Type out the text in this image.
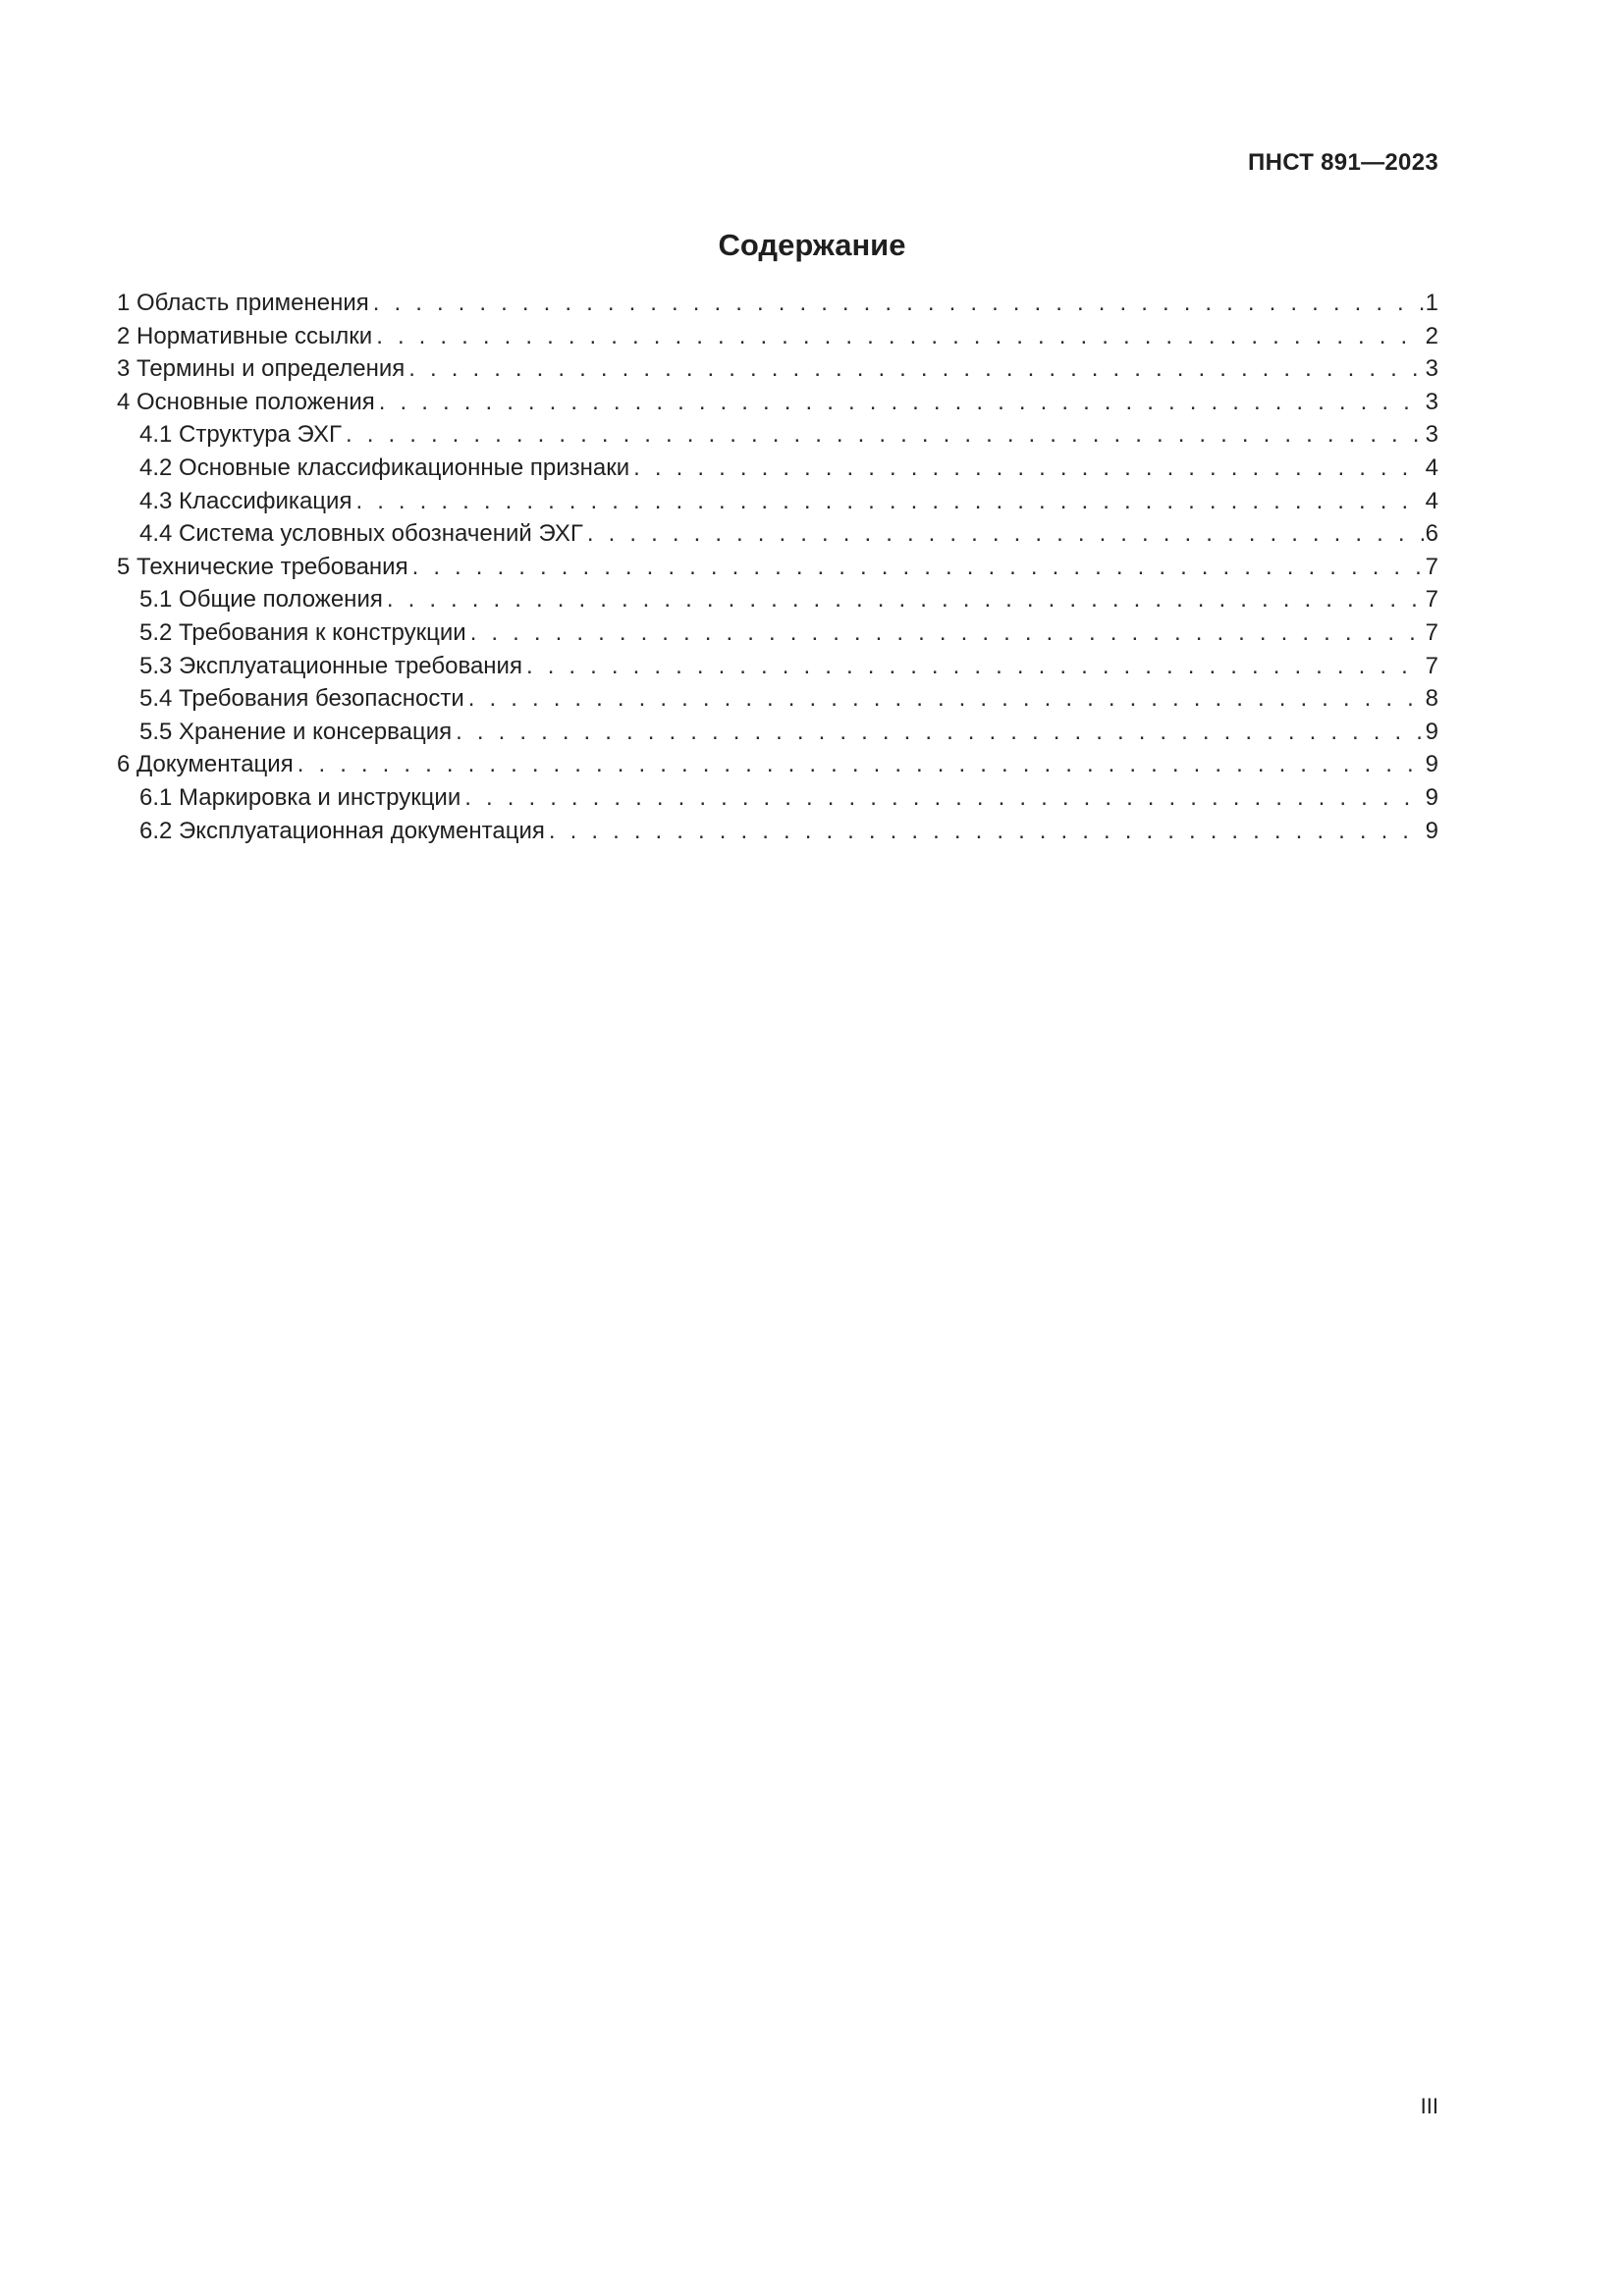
ПНСТ 891—2023

Содержание
1 Область применения . . .	1
2 Нормативные ссылки . . .	2
3 Термины и определения . . .	3
4 Основные положения . . .	3
4.1 Структура ЭХГ . . .	3
4.2 Основные классификационные признаки . . .	4
4.3 Классификация . . .	4
4.4 Система условных обозначений ЭХГ . . .	6
5 Технические требования . . .	7
5.1 Общие положения . . .	7
5.2 Требования к конструкции . . .	7
5.3 Эксплуатационные требования . . .	7
5.4 Требования безопасности . . .	8
5.5 Хранение и консервация . . .	9
6 Документация . . .	9
6.1 Маркировка и инструкции . . .	9
6.2 Эксплуатационная документация . . .	9

III
